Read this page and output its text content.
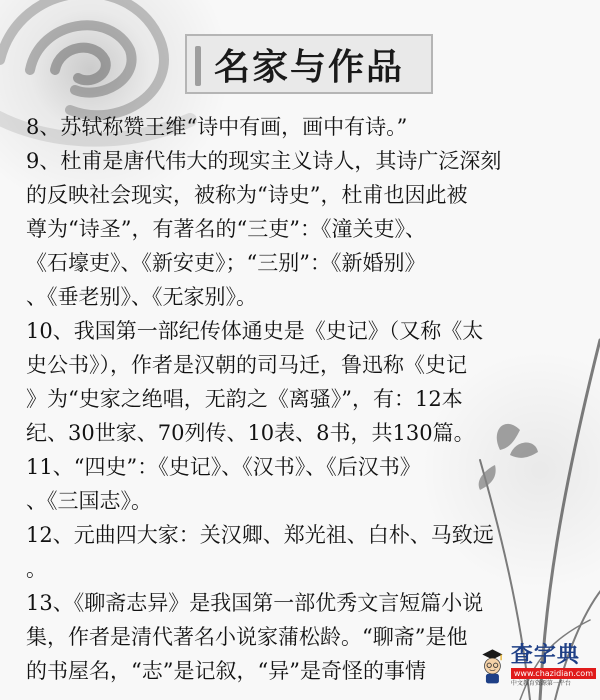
名家与作品
8、苏轼称赞王维“诗中有画，画中有诗。”
9、杜甫是唐代伟大的现实主义诗人，其诗广泛深刻
的反映社会现实，被称为“诗史”，杜甫也因此被
尊为“诗圣”，有著名的“三吏”：《潼关吏》、
《石壕吏》、《新安吏》；“三别”：《新婚别》
、《垂老别》、《无家别》。
10、我国第一部纪传体通史是《史记》（又称《太
史公书》），作者是汉朝的司马迁，鲁迅称《史记
》为“史家之绝唱，无韵之《离骚》”，有：12本
纪、30世家、70列传、10表、8书，共130篇。
11、“四史”：《史记》、《汉书》、《后汉书》
、《三国志》。
12、元曲四大家：关汉卿、郑光祖、白朴、马致远
。
13、《聊斋志异》是我国第一部优秀文言短篇小说
集，作者是清代著名小说家蒲松龄。“聊斋”是他
的书屋名，“志”是记叙，“异”是奇怪的事情
查字典
www.chazidian.com
中文教育资源第一平台
